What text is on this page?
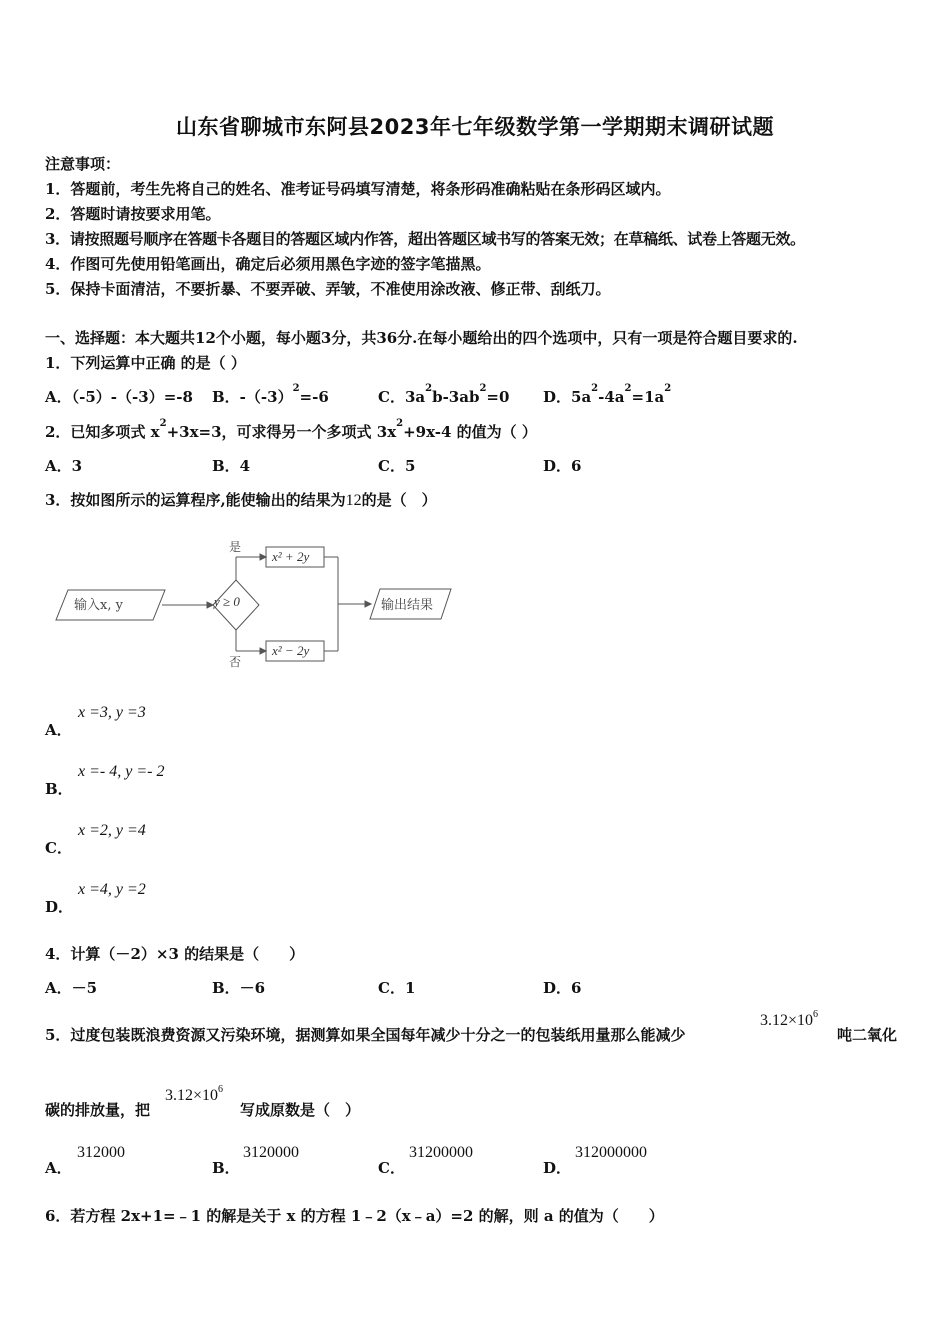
山东省聊城市东阿县2023年七年级数学第一学期期末调研试题
注意事项：
1．答题前，考生先将自己的姓名、准考证号码填写清楚，将条形码准确粘贴在条形码区域内。
2．答题时请按要求用笔。
3．请按照题号顺序在答题卡各题目的答题区域内作答，超出答题区域书写的答案无效；在草稿纸、试卷上答题无效。
4．作图可先使用铅笔画出，确定后必须用黑色字迹的签字笔描黑。
5．保持卡面清洁，不要折暴、不要弄破、弄皱，不准使用涂改液、修正带、刮纸刀。
一、选择题：本大题共12个小题，每小题3分，共36分.在每小题给出的四个选项中，只有一项是符合题目要求的.
1．下列运算中正确 的是（ ）
A．（-5）-（-3）=-8 B．$-(-3)^2=-6$	C．$3a^2b-3ab^2=0$ D．$5a^2-4a^2=1a^2$
2．已知多项式 $x^2+3x=3$，可求得另一个多项式 $3x^2+9x-4$ 的值为（ ）
A．3	B．4	C．5	D．6
3．按如图所示的运算程序,能使输出的结果为12的是（　）
输入x, y	y ≥ 0
是
否
x² + 2y
x² − 2y
输出结果
A．
x =3, y =3
B．
x =- 4, y =- 2
C．
x =2, y =4
D．
x =4, y =2
4．计算（－2）×3 的结果是（　　）
A．－5	B．－6	C．1	D．6
5．过度包装既浪费资源又污染环境，据测算如果全国每年减少十分之一的包装纸用量那么能减少
$3.12\times 10^6$
吨二氧化
碳的排放量，把
$3.12\times 10^6$
写成原数是（　）
A．
312000
B．
3120000
C．
31200000
D．
312000000
6．若方程 2x+1=﹣1 的解是关于 x 的方程 1﹣2（x﹣a）=2 的解，则 a 的值为（　　）
